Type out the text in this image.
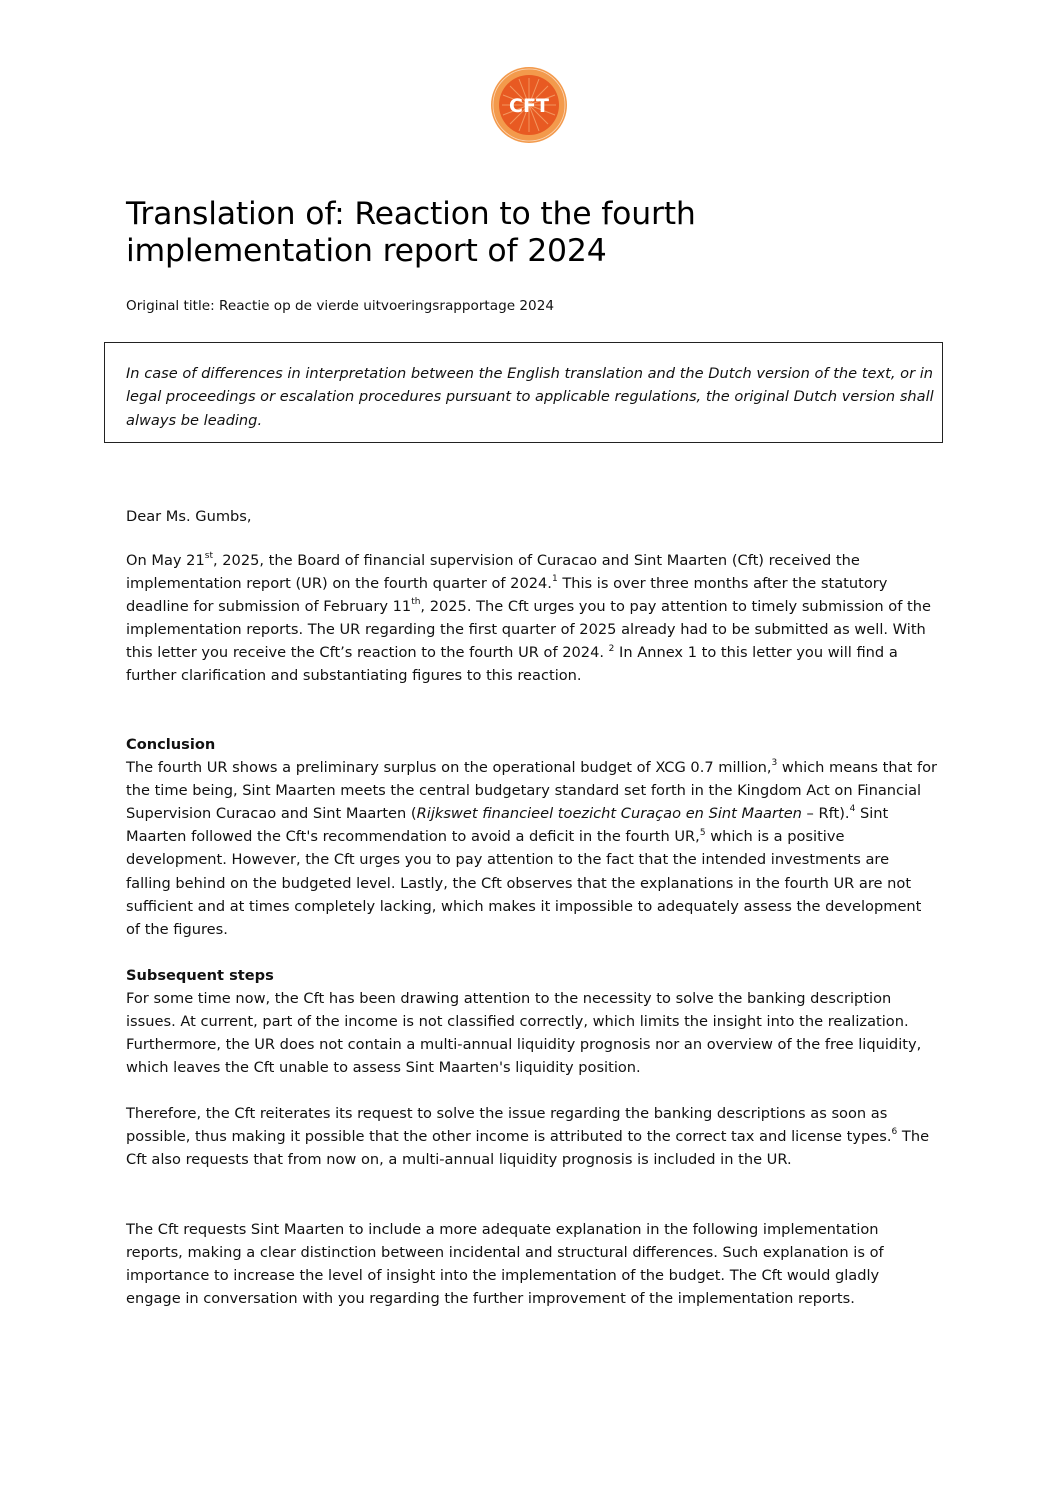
CFT
Translation of: Reaction to the fourth implementation report of 2024
Original title: Reactie op de vierde uitvoeringsrapportage 2024

In case of differences in interpretation between the English translation and the Dutch version of the text, or in legal proceedings or escalation procedures pursuant to applicable regulations, the original Dutch version shall always be leading.

Dear Ms. Gumbs,

On May 21st, 2025, the Board of financial supervision of Curacao and Sint Maarten (Cft) received the implementation report (UR) on the fourth quarter of 2024.$^1$ This is over three months after the statutory deadline for submission of February 11th, 2025. The Cft urges you to pay attention to timely submission of the implementation reports. The UR regarding the first quarter of 2025 already had to be submitted as well. With this letter you receive the Cft’s reaction to the fourth UR of 2024. $^2$ In Annex 1 to this letter you will find a further clarification and substantiating figures to this reaction.

Conclusion
The fourth UR shows a preliminary surplus on the operational budget of XCG 0.7 million,$^3$ which means that for the time being, Sint Maarten meets the central budgetary standard set forth in the Kingdom Act on Financial Supervision Curacao and Sint Maarten (Rijkswet financieel toezicht Curaçao en Sint Maarten – Rft).$^4$ Sint Maarten followed the Cft's recommendation to avoid a deficit in the fourth UR,$^5$ which is a positive development. However, the Cft urges you to pay attention to the fact that the intended investments are falling behind on the budgeted level. Lastly, the Cft observes that the explanations in the fourth UR are not sufficient and at times completely lacking, which makes it impossible to adequately assess the development of the figures.

Subsequent steps
For some time now, the Cft has been drawing attention to the necessity to solve the banking description issues. At current, part of the income is not classified correctly, which limits the insight into the realization. Furthermore, the UR does not contain a multi-annual liquidity prognosis nor an overview of the free liquidity, which leaves the Cft unable to assess Sint Maarten's liquidity position.

Therefore, the Cft reiterates its request to solve the issue regarding the banking descriptions as soon as possible, thus making it possible that the other income is attributed to the correct tax and license types.$^6$ The Cft also requests that from now on, a multi-annual liquidity prognosis is included in the UR.

The Cft requests Sint Maarten to include a more adequate explanation in the following implementation reports, making a clear distinction between incidental and structural differences. Such explanation is of importance to increase the level of insight into the implementation of the budget. The Cft would gladly engage in conversation with you regarding the further improvement of the implementation reports.
